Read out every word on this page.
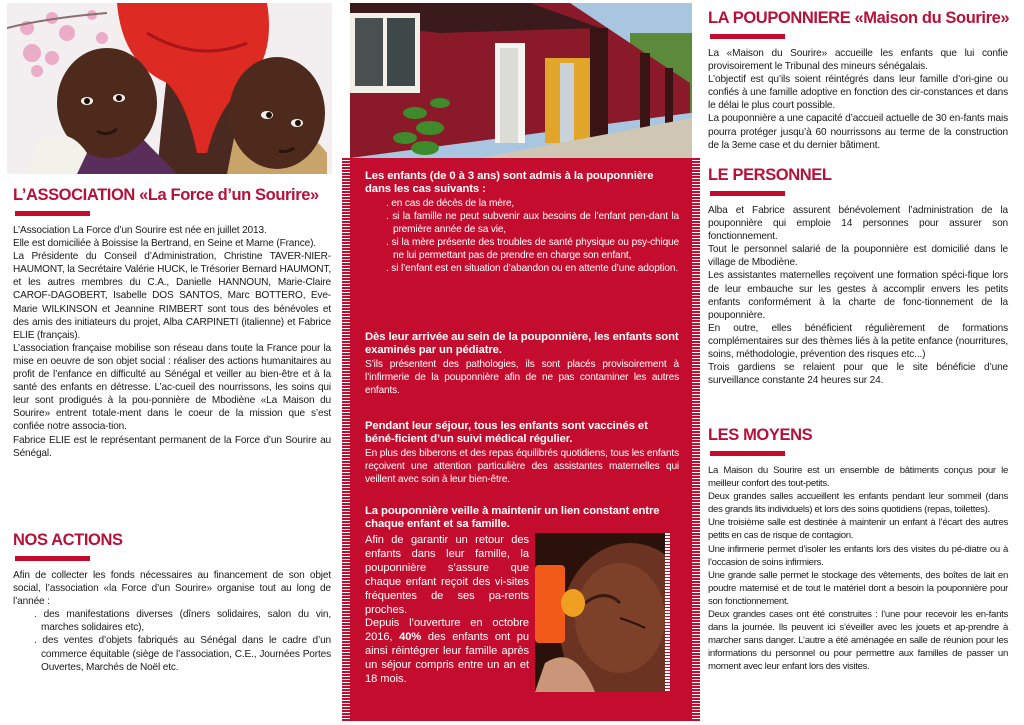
L’ASSOCIATION «La Force d’un Sourire»

L’Association La Force d’un Sourire est née en juillet 2013.

Elle est domiciliée à Boissise la Bertrand, en Seine et Marne (France).

La Présidente du Conseil d’Administration, Christine TAVER-NIER-HAUMONT, la Secrétaire Valérie HUCK, le Trésorier Bernard HAUMONT, et les autres membres du C.A., Danielle HANNOUN, Marie-Claire CAROF-DAGOBERT, Isabelle DOS SANTOS, Marc BOTTERO, Eve-Marie WILKINSON et Jeannine RIMBERT sont tous des bénévoles et des amis des initiateurs du projet, Alba CARPINETI (italienne) et Fabrice ELIE (français).

L’association française mobilise son réseau dans toute la France pour la mise en oeuvre de son objet social : réaliser des actions humanitaires au profit de l’enfance en difficulté au Sénégal et veiller au bien-être et à la santé des enfants en détresse. L’ac-cueil des nourrissons, les soins qui leur sont prodigués à la pou-ponnière de Mbodiène «La Maison du Sourire» entrent totale-ment dans le coeur de la mission que s’est confiée notre associa-tion.

Fabrice ELIE est le représentant permanent de la Force d’un Sourire au Sénégal.

NOS ACTIONS

Afin de collecter les fonds nécessaires au financement de son objet social, l’association «la Force d’un Sourire» organise tout au long de l’année :

. des manifestations diverses (dîners solidaires, salon du vin, marches solidaires etc),

. des ventes d’objets fabriqués au Sénégal dans le cadre d’un commerce équitable (siège de l’association, C.E., Journées Portes Ouvertes, Marchés de Noël etc.

Les enfants (de 0 à 3 ans) sont admis à la pouponnière dans les cas suivants :

. en cas de décès de la mère,

. si la famille ne peut subvenir aux besoins de l’enfant pen-dant la première année de sa vie,

. si la mère présente des troubles de santé physique ou psy-chique ne lui permettant pas de prendre en charge son enfant,

. si l’enfant est en situation d’abandon ou en attente d’une adoption.

Dès leur arrivée au sein de la pouponnière, les enfants sont examinés par un pédiatre.

S’ils présentent des pathologies, ils sont placés provisoirement à l’infirmerie de la pouponnière afin de ne pas contaminer les autres enfants.

Pendant leur séjour, tous les enfants sont vaccinés et béné-ficient d’un suivi médical régulier.

En plus des biberons et des repas équilibrés quotidiens, tous les enfants reçoivent une attention particulière des assistantes maternelles qui veillent avec soin à leur bien-être.

La pouponnière veille à maintenir un lien constant entre chaque enfant et sa famille.

Afin de garantir un retour des enfants dans leur famille, la pouponnière s’assure que chaque enfant reçoit des vi-sites fréquentes de ses pa-rents proches.

Depuis l’ouverture en octobre 2016, 40% des enfants ont pu ainsi réintégrer leur famille après un séjour compris entre un an et 18 mois.

LA POUPONNIERE «Maison du Sourire»

La «Maison du Sourire» accueille les enfants que lui confie provisoirement le Tribunal des mineurs sénégalais.

L’objectif est qu’ils soient réintégrés dans leur famille d’ori-gine ou confiés à une famille adoptive en fonction des cir-constances et dans le délai le plus court possible.

La pouponnière a une capacité d’accueil actuelle de 30 en-fants mais pourra protéger jusqu’à 60 nourrissons au terme de la construction de la 3eme case et du dernier bâtiment.

LE PERSONNEL

Alba et Fabrice assurent bénévolement l’administration de la pouponnière qui emploie 14 personnes pour assurer son fonctionnement.

Tout le personnel salarié de la pouponnière est domicilié dans le village de Mbodiène.

Les assistantes maternelles reçoivent une formation spéci-fique lors de leur embauche sur les gestes à accomplir envers les petits enfants conformément à la charte de fonc-tionnement de la pouponnière.

En outre, elles bénéficient régulièrement de formations complémentaires sur des thèmes liés à la petite enfance (nourritures, soins, méthodologie, prévention des risques etc...)

Trois gardiens se relaient pour que le site bénéficie d’une surveillance constante 24 heures sur 24.

LES MOYENS

La Maison du Sourire est un ensemble de bâtiments conçus pour le meilleur confort des tout-petits.

Deux grandes salles accueillent les enfants pendant leur sommeil (dans des grands lits individuels) et lors des soins quotidiens (repas, toilettes).

Une troisième salle est destinée à maintenir un enfant à l’écart des autres petits en cas de risque de contagion.

Une infirmerie permet d’isoler les enfants lors des visites du pé-diatre ou à l’occasion de soins infirmiers.

Une grande salle permet le stockage des vêtements, des boîtes de lait en poudre maternisé et de tout le matériel dont a besoin la pouponnière pour son fonctionnement.

Deux grandes cases ont été construites : l’une pour recevoir les en-fants dans la journée. Ils peuvent ici s’éveiller avec les jouets et ap-prendre à marcher sans danger. L’autre a été aménagée en salle de réunion pour les informations du personnel ou pour permettre aux familles de passer un moment avec leur enfant lors des visites.
